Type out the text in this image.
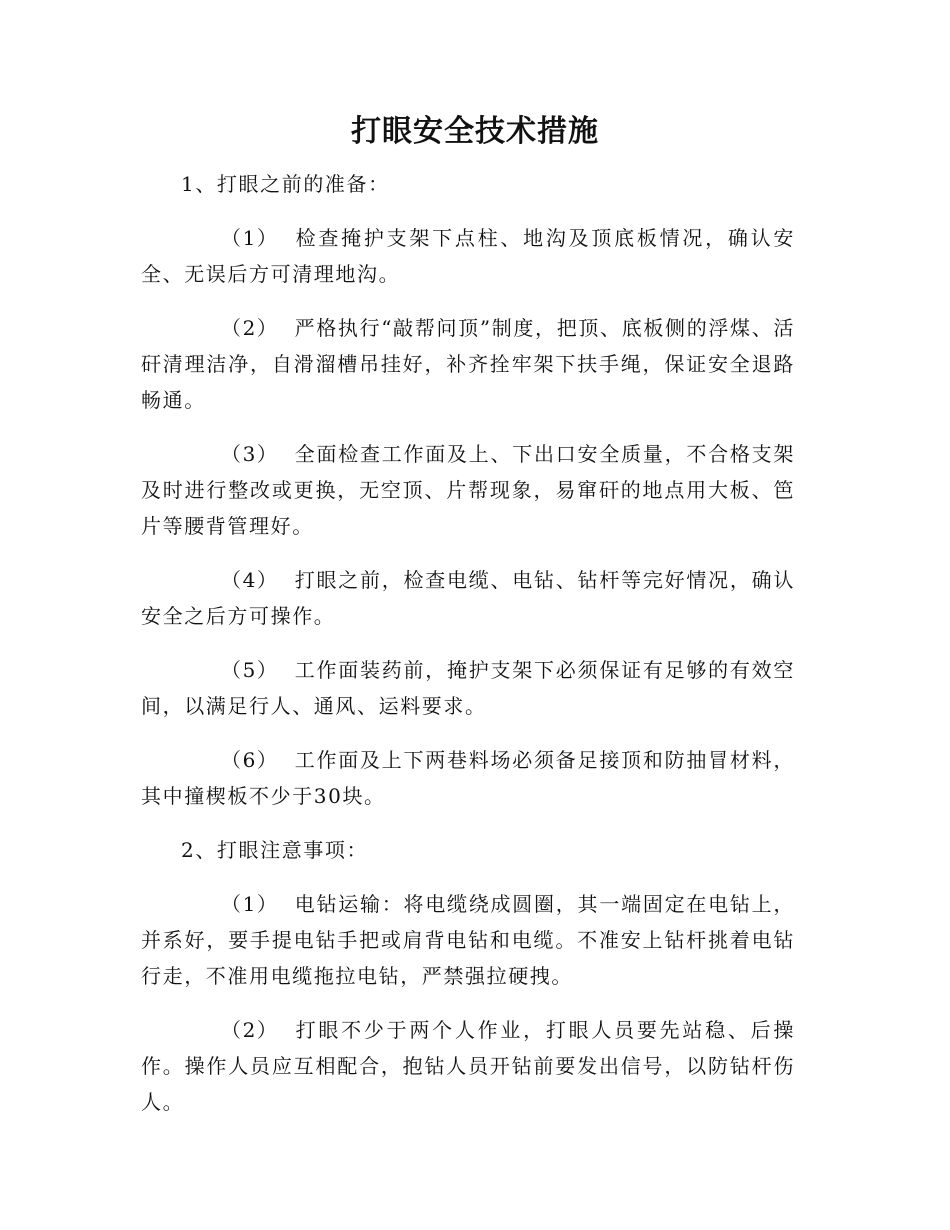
打眼安全技术措施

1、打眼之前的准备：

（1） 检查掩护支架下点柱、地沟及顶底板情况，确认安全、无误后方可清理地沟。

（2） 严格执行“敲帮问顶”制度，把顶、底板侧的浮煤、活矸清理洁净，自滑溜槽吊挂好，补齐拴牢架下扶手绳，保证安全退路畅通。

（3） 全面检查工作面及上、下出口安全质量，不合格支架及时进行整改或更换，无空顶、片帮现象，易窜矸的地点用大板、笆片等腰背管理好。

（4） 打眼之前，检查电缆、电钻、钻杆等完好情况，确认安全之后方可操作。

（5） 工作面装药前，掩护支架下必须保证有足够的有效空间，以满足行人、通风、运料要求。

（6） 工作面及上下两巷料场必须备足接顶和防抽冒材料，其中撞楔板不少于30块。

2、打眼注意事项：

（1） 电钻运输：将电缆绕成圆圈，其一端固定在电钻上，并系好，要手提电钻手把或肩背电钻和电缆。不准安上钻杆挑着电钻行走，不准用电缆拖拉电钻，严禁强拉硬拽。

（2） 打眼不少于两个人作业，打眼人员要先站稳、后操作。操作人员应互相配合，抱钻人员开钻前要发出信号，以防钻杆伤人。
